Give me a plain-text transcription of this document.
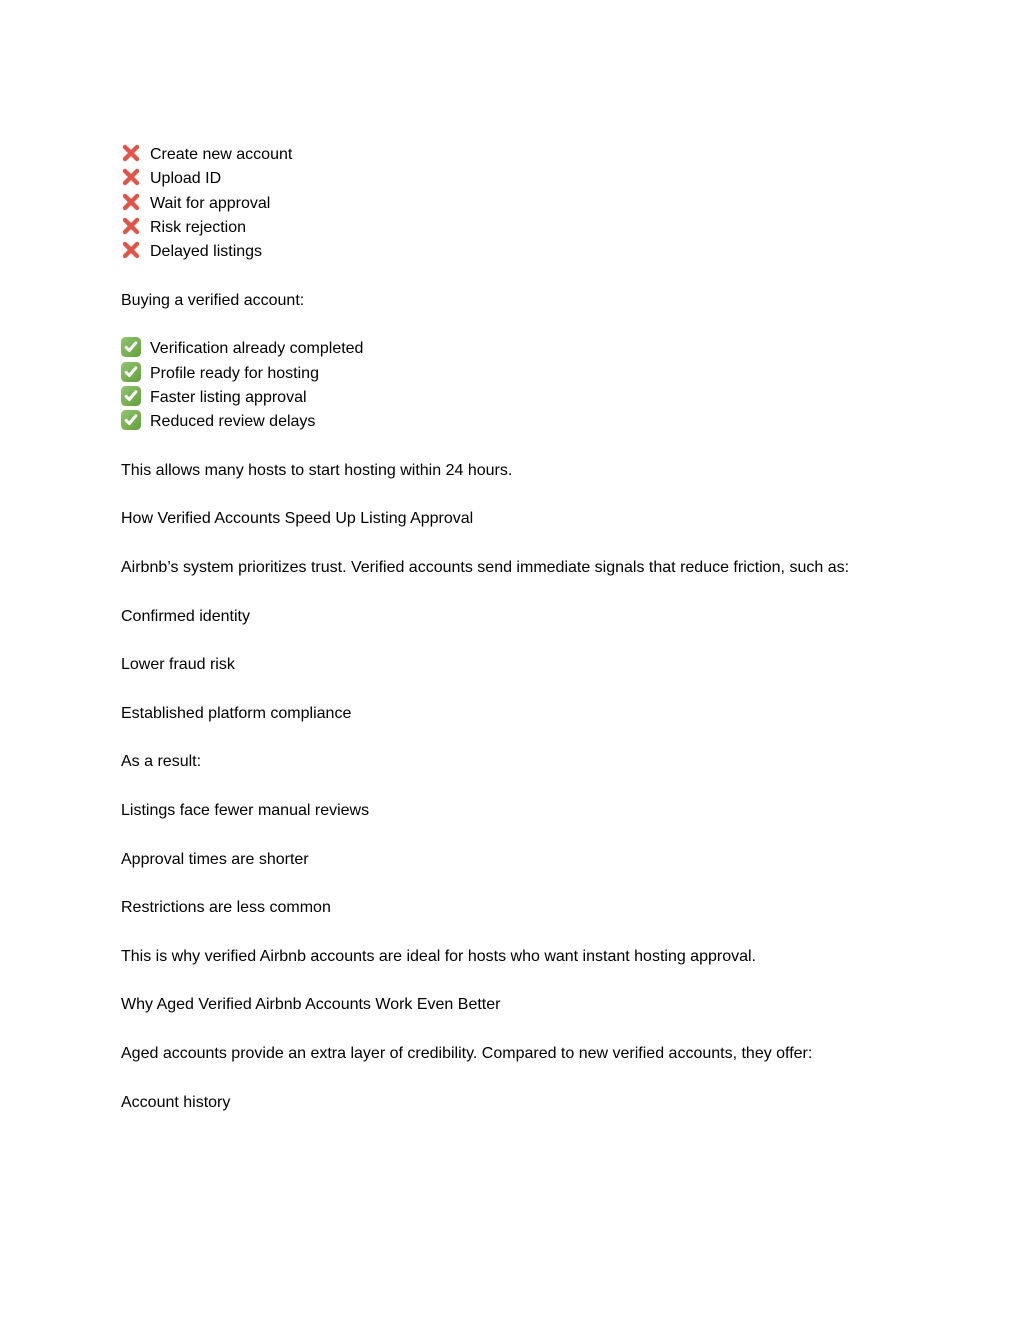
Create new account
Upload ID
Wait for approval
Risk rejection
Delayed listings

Buying a verified account:

Verification already completed
Profile ready for hosting
Faster listing approval
Reduced review delays

This allows many hosts to start hosting within 24 hours.

How Verified Accounts Speed Up Listing Approval

Airbnb’s system prioritizes trust. Verified accounts send immediate signals that reduce friction, such as:

Confirmed identity

Lower fraud risk

Established platform compliance

As a result:

Listings face fewer manual reviews

Approval times are shorter

Restrictions are less common

This is why verified Airbnb accounts are ideal for hosts who want instant hosting approval.

Why Aged Verified Airbnb Accounts Work Even Better

Aged accounts provide an extra layer of credibility. Compared to new verified accounts, they offer:

Account history
